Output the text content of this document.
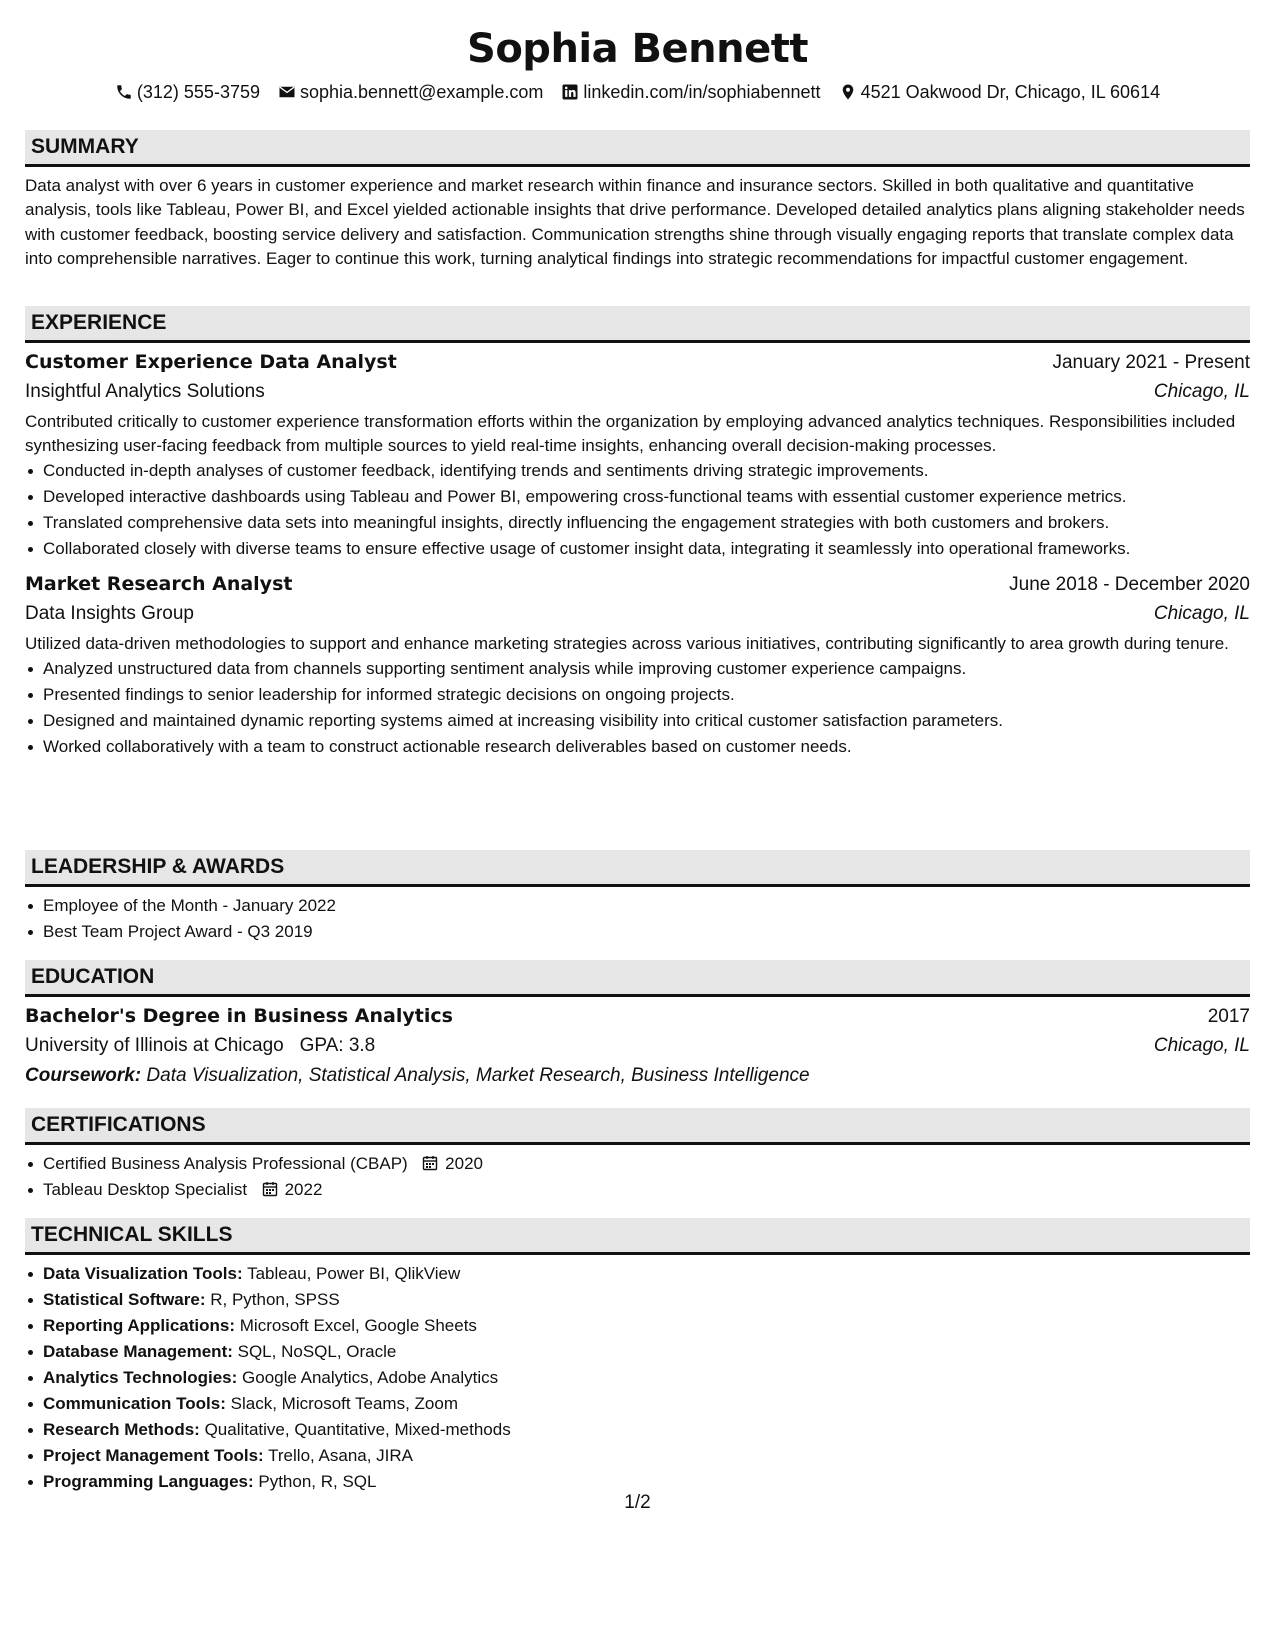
Sophia Bennett
(312) 555-3759 sophia.bennett@example.com linkedin.com/in/sophiabennett 4521 Oakwood Dr, Chicago, IL 60614
SUMMARY

Data analyst with over 6 years in customer experience and market research within finance and insurance sectors. Skilled in both qualitative and quantitative analysis, tools like Tableau, Power BI, and Excel yielded actionable insights that drive performance. Developed detailed analytics plans aligning stakeholder needs with customer feedback, boosting service delivery and satisfaction. Communication strengths shine through visually engaging reports that translate complex data into comprehensible narratives. Eager to continue this work, turning analytical findings into strategic recommendations for impactful customer engagement.

EXPERIENCE
Customer Experience Data Analyst	January 2021 - Present
Insightful Analytics Solutions	Chicago, IL

Contributed critically to customer experience transformation efforts within the organization by employing advanced analytics techniques. Responsibilities included synthesizing user-facing feedback from multiple sources to yield real-time insights, enhancing overall decision-making processes.

Conducted in-depth analyses of customer feedback, identifying trends and sentiments driving strategic improvements.
Developed interactive dashboards using Tableau and Power BI, empowering cross-functional teams with essential customer experience metrics.
Translated comprehensive data sets into meaningful insights, directly influencing the engagement strategies with both customers and brokers.
Collaborated closely with diverse teams to ensure effective usage of customer insight data, integrating it seamlessly into operational frameworks.
Market Research Analyst	June 2018 - December 2020
Data Insights Group	Chicago, IL

Utilized data-driven methodologies to support and enhance marketing strategies across various initiatives, contributing significantly to area growth during tenure.

Analyzed unstructured data from channels supporting sentiment analysis while improving customer experience campaigns.
Presented findings to senior leadership for informed strategic decisions on ongoing projects.
Designed and maintained dynamic reporting systems aimed at increasing visibility into critical customer satisfaction parameters.
Worked collaboratively with a team to construct actionable research deliverables based on customer needs.
LEADERSHIP & AWARDS
Employee of the Month - January 2022
Best Team Project Award - Q3 2019
EDUCATION
Bachelor's Degree in Business Analytics	2017
University of Illinois at Chicago GPA: 3.8	Chicago, IL
Coursework: Data Visualization, Statistical Analysis, Market Research, Business Intelligence
CERTIFICATIONS
Certified Business Analysis Professional (CBAP) 2020
Tableau Desktop Specialist 2022
TECHNICAL SKILLS
Data Visualization Tools: Tableau, Power BI, QlikView
Statistical Software: R, Python, SPSS
Reporting Applications: Microsoft Excel, Google Sheets
Database Management: SQL, NoSQL, Oracle
Analytics Technologies: Google Analytics, Adobe Analytics
Communication Tools: Slack, Microsoft Teams, Zoom
Research Methods: Qualitative, Quantitative, Mixed-methods
Project Management Tools: Trello, Asana, JIRA
Programming Languages: Python, R, SQL
1/2
